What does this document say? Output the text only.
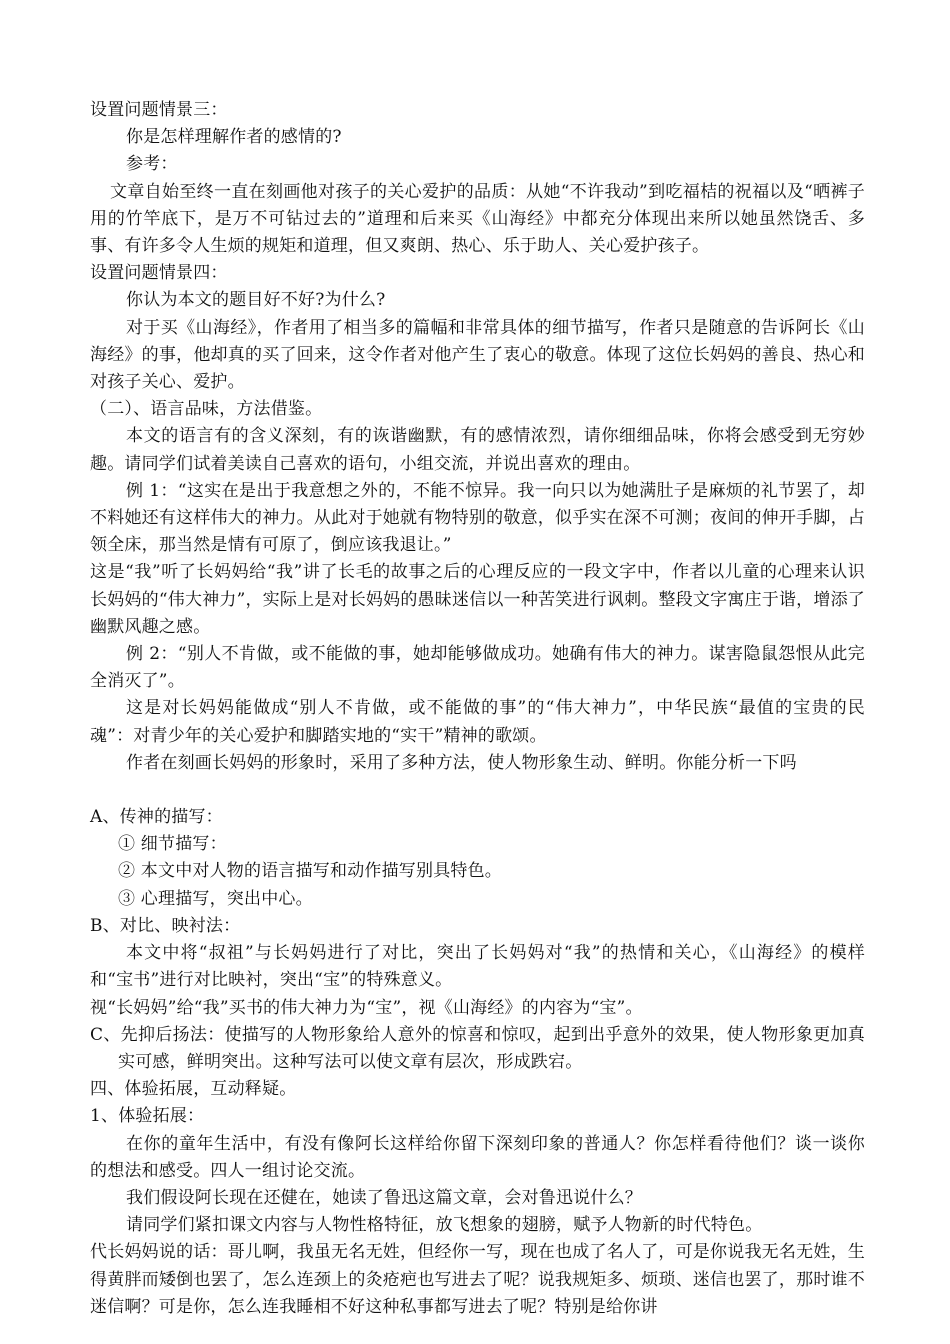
设置问题情景三：

你是怎样理解作者的感情的?

参考：

文章自始至终一直在刻画他对孩子的关心爱护的品质：从她“不许我动”到吃福桔的祝福以及“晒裤子用的竹竿底下，是万不可钻过去的”道理和后来买《山海经》中都充分体现出来所以她虽然饶舌、多事、有许多令人生烦的规矩和道理，但又爽朗、热心、乐于助人、关心爱护孩子。

设置问题情景四：

你认为本文的题目好不好?为什么?

对于买《山海经》，作者用了相当多的篇幅和非常具体的细节描写，作者只是随意的告诉阿长《山海经》的事，他却真的买了回来，这令作者对他产生了衷心的敬意。体现了这位长妈妈的善良、热心和对孩子关心、爱护。

（二）、语言品味，方法借鉴。

本文的语言有的含义深刻，有的诙谐幽默，有的感情浓烈，请你细细品味，你将会感受到无穷妙趣。请同学们试着美读自己喜欢的语句，小组交流，并说出喜欢的理由。

例 1：“这实在是出于我意想之外的，不能不惊异。我一向只以为她满肚子是麻烦的礼节罢了，却不料她还有这样伟大的神力。从此对于她就有物特别的敬意，似乎实在深不可测；夜间的伸开手脚，占领全床，那当然是情有可原了，倒应该我退让。”

这是“我”听了长妈妈给“我”讲了长毛的故事之后的心理反应的一段文字中，作者以儿童的心理来认识长妈妈的“伟大神力”，实际上是对长妈妈的愚昧迷信以一种苦笑进行讽刺。整段文字寓庄于谐，增添了幽默风趣之感。

例 2：“别人不肯做，或不能做的事，她却能够做成功。她确有伟大的神力。谋害隐鼠怨恨从此完全消灭了”。

这是对长妈妈能做成“别人不肯做，或不能做的事”的“伟大神力”，中华民族“最值的宝贵的民魂”：对青少年的关心爱护和脚踏实地的“实干”精神的歌颂。

作者在刻画长妈妈的形象时，采用了多种方法，使人物形象生动、鲜明。你能分析一下吗

A、传神的描写：

① 细节描写：

② 本文中对人物的语言描写和动作描写别具特色。

③ 心理描写，突出中心。

B、对比、映衬法：

本文中将“叔祖”与长妈妈进行了对比，突出了长妈妈对“我”的热情和关心，《山海经》的模样和“宝书”进行对比映衬，突出“宝”的特殊意义。

视“长妈妈”给“我”买书的伟大神力为“宝”，视《山海经》的内容为“宝”。

C、先抑后扬法：使描写的人物形象给人意外的惊喜和惊叹，起到出乎意外的效果，使人物形象更加真实可感，鲜明突出。这种写法可以使文章有层次，形成跌宕。

四、体验拓展，互动释疑。

1、体验拓展：

在你的童年生活中，有没有像阿长这样给你留下深刻印象的普通人？你怎样看待他们？谈一谈你的想法和感受。四人一组讨论交流。

我们假设阿长现在还健在，她读了鲁迅这篇文章，会对鲁迅说什么？

请同学们紧扣课文内容与人物性格特征，放飞想象的翅膀，赋予人物新的时代特色。

代长妈妈说的话：哥儿啊，我虽无名无姓，但经你一写，现在也成了名人了，可是你说我无名无姓，生得黄胖而矮倒也罢了，怎么连颈上的灸疮疤也写进去了呢？说我规矩多、烦琐、迷信也罢了，那时谁不迷信啊？可是你，怎么连我睡相不好这种私事都写进去了呢？特别是给你讲
